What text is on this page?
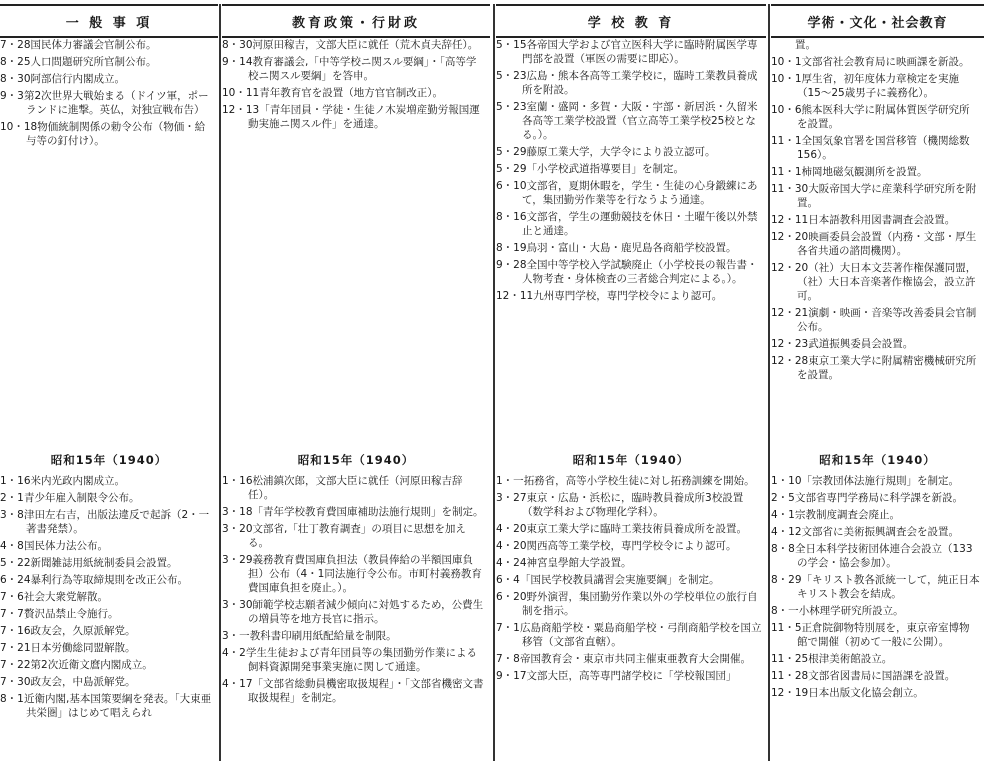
一 般 事 項
7・28国民体力審議会官制公布。
8・25人口問題研究所官制公布。
8・30阿部信行内閣成立。
9・3第2次世界大戦始まる（ドイツ軍，ポーランドに進撃。英仏，対独宣戦布告）
10・18物価統制関係の勅令公布（物価・給与等の釘付け）。
昭和15年（1940）
1・16米内光政内閣成立。
2・1青少年雇入制限令公布。
3・8津田左右吉，出版法違反で起訴（2・一著書発禁）。
4・8国民体力法公布。
5・22新聞雑誌用紙統制委員会設置。
6・24暴利行為等取締規則を改正公布。
7・6社会大衆党解散。
7・7贅沢品禁止令施行。
7・16政友会，久原派解党。
7・21日本労働総同盟解散。
7・22第2次近衛文麿内閣成立。
7・30政友会，中島派解党。
8・1近衛内閣,基本国策要綱を発表。「大東亜共栄圏」はじめて唱えられ
教育政策・行財政
8・30河原田稼吉，文部大臣に就任（荒木貞夫辞任）。
9・14教育審議会,「中等学校ニ関スル要綱」・「高等学校ニ関スル要綱」を答申。
10・11青年教育官を設置（地方官官制改正）。
12・13「青年団員・学徒・生徒ノ木炭増産勤労報国運動実施ニ関スル件」を通達。
昭和15年（1940）
1・16松浦鎮次郎，文部大臣に就任（河原田稼吉辞任）。
3・18「青年学校教育費国庫補助法施行規則」を制定。
3・20文部省,「壮丁教育調査」の項目に思想を加える。
3・29義務教育費国庫負担法（教員俸給の半額国庫負担）公布（4・1同法施行令公布。市町村義務教育費国庫負担を廃止。）。
3・30師範学校志願者減少傾向に対処するため，公費生の増員等を地方長官に指示。
3・一教科書印刷用紙配給量を制限。
4・2学生生徒および青年団員等の集団勤労作業による飼料資源開発事業実施に関して通達。
4・17「文部省総動員機密取扱規程」・「文部省機密文書取扱規程」を制定。
学 校 教 育
5・15各帝国大学および官立医科大学に臨時附属医学専門部を設置（軍医の需要に即応）。
5・23広島・熊本各高等工業学校に，臨時工業教員養成所を附設。
5・23室蘭・盛岡・多賀・大阪・宇部・新居浜・久留米各高等工業学校設置（官立高等工業学校25校となる。）。
5・29藤原工業大学，大学令により設立認可。
5・29「小学校武道指導要目」を制定。
6・10文部省，夏期休暇を，学生・生徒の心身鍛練にあて，集団勤労作業等を行なうよう通達。
8・16文部省，学生の運動競技を休日・土曜午後以外禁止と通達。
8・19鳥羽・富山・大島・鹿児島各商船学校設置。
9・28全国中等学校入学試験廃止（小学校長の報告書・人物考査・身体検査の三者総合判定による。）。
12・11九州専門学校，専門学校令により認可。
昭和15年（1940）
1・一拓務省，高等小学校生徒に対し拓務訓練を開始。
3・27東京・広島・浜松に，臨時教員養成所3校設置（数学科および物理化学科）。
4・20東京工業大学に臨時工業技術員養成所を設置。
4・20関西高等工業学校，専門学校令により認可。
4・24神宮皇學館大学設置。
6・4「国民学校教員講習会実施要綱」を制定。
6・20野外演習，集団勤労作業以外の学校単位の旅行自制を指示。
7・1広島商船学校・粟島商船学校・弓削商船学校を国立移管（文部省直轄）。
7・8帝国教育会・東京市共同主催東亜教育大会開催。
9・17文部大臣，高等専門諸学校に「学校報国団」
学術・文化・社会教育
置。
10・1文部省社会教育局に映画課を新設。
10・1厚生省，初年度体力章検定を実施（15～25歳男子に義務化）。
10・6熊本医科大学に附属体質医学研究所を設置。
11・1全国気象官署を国営移管（機関総数156）。
11・1柿岡地磁気観測所を設置。
11・30大阪帝国大学に産業科学研究所を附置。
12・11日本語教科用図書調査会設置。
12・20映画委員会設置（内務・文部・厚生各省共通の諮問機関）。
12・20（社）大日本文芸著作権保護同盟，（社）大日本音楽著作権協会，設立許可。
12・21演劇・映画・音楽等改善委員会官制公布。
12・23武道振興委員会設置。
12・28東京工業大学に附属精密機械研究所を設置。
昭和15年（1940）
1・10「宗教団体法施行規則」を制定。
2・5文部省専門学務局に科学課を新設。
4・1宗教制度調査会廃止。
4・12文部省に美術振興調査会を設置。
8・8全日本科学技術団体連合会設立（133の学会・協会参加）。
8・29「キリスト教各派統一して，純正日本キリスト教会を結成。
8・一小林理学研究所設立。
11・5正倉院御物特別展を，東京帝室博物館で開催（初めて一般に公開）。
11・25根津美術館設立。
11・28文部省図書局に国語課を設置。
12・19日本出版文化協会創立。
